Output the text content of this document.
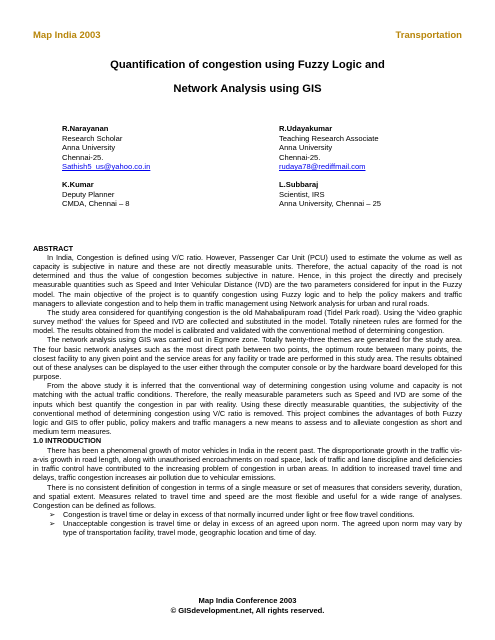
Map India 2003	Transportation
Quantification of congestion using Fuzzy Logic and
Network Analysis using GIS
R.Narayanan
Research Scholar
Anna University
Chennai-25.
Sathish5_us@yahoo.co.in
R.Udayakumar
Teaching Research Associate
Anna University
Chennai-25.
rudaya78@rediffmail.com
K.Kumar
Deputy Planner
CMDA, Chennai – 8
L.Subbaraj
Scientist, IRS
Anna University, Chennai – 25
ABSTRACT

In India, Congestion is defined using V/C ratio. However, Passenger Car Unit (PCU) used to estimate the volume as well as capacity is subjective in nature and these are not directly measurable units. Therefore, the actual capacity of the road is not determined and thus the value of congestion becomes subjective in nature. Hence, in this project the directly and precisely measurable quantities such as Speed and Inter Vehicular Distance (IVD) are the two parameters considered for input in the Fuzzy model. The main objective of the project is to quantify congestion using Fuzzy logic and to help the policy makers and traffic managers to alleviate congestion and to help them in traffic management using Network analysis for urban and rural roads.

The study area considered for quantifying congestion is the old Mahabalipuram road (Tidel Park road). Using the 'video graphic survey method' the values for Speed and IVD are collected and substituted in the model. Totally nineteen rules are formed for the model. The results obtained from the model is calibrated and validated with the conventional method of determining congestion.

The network analysis using GIS was carried out in Egmore zone. Totally twenty-three themes are generated for the study area. The four basic network analyses such as the most direct path between two points, the optimum route between many points, the closest facility to any given point and the service areas for any facility or trade are performed in this study area. The results obtained out of these analyses can be displayed to the user either through the computer console or by the hardware board developed for this purpose.

From the above study it is inferred that the conventional way of determining congestion using volume and capacity is not matching with the actual traffic conditions. Therefore, the really measurable parameters such as Speed and IVD are some of the inputs which best quantify the congestion in par with reality. Using these directly measurable quantities, the subjectivity of the conventional method of determining congestion using V/C ratio is removed. This project combines the advantages of both Fuzzy logic and GIS to offer public, policy makers and traffic managers a new means to assess and to alleviate congestion as short and medium term measures.

1.0 INTRODUCTION

There has been a phenomenal growth of motor vehicles in India in the recent past. The disproportionate growth in the traffic vis-a-vis growth in road length, along with unauthorised encroachments on road space, lack of traffic and lane discipline and deficiencies in traffic control have contributed to the increasing problem of congestion in urban areas. In addition to increased travel time and delays, traffic congestion increases air pollution due to vehicular emissions.

There is no consistent definition of congestion in terms of a single measure or set of measures that considers severity, duration, and spatial extent. Measures related to travel time and speed are the most flexible and useful for a wide range of analyses. Congestion can be defined as follows.

➢	Congestion is travel time or delay in excess of that normally incurred under light or free flow travel conditions.
➢	Unacceptable congestion is travel time or delay in excess of an agreed upon norm. The agreed upon norm may vary by type of transportation facility, travel mode, geographic location and time of day.
Map India Conference 2003
© GISdevelopment.net, All rights reserved.
